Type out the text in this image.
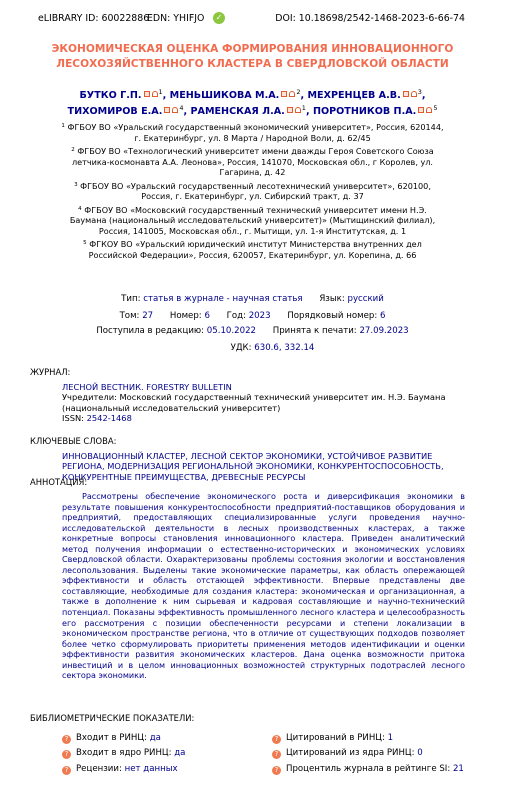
eLIBRARY ID: 60022886
EDN: YHIFJO	✓	DOI: 10.18698/2542-1468-2023-6-66-74
ЭКОНОМИЧЕСКАЯ ОЦЕНКА ФОРМИРОВАНИЯ ИННОВАЦИОННОГО
ЛЕСОХОЗЯЙСТВЕННОГО КЛАСТЕРА В СВЕРДЛОВСКОЙ ОБЛАСТИ
БУТКО Г.П.	$^1$, МЕНЬШИКОВА М.А.	$^2$, МЕХРЕНЦЕВ А.В.	$^3$, ТИХОМИРОВ Е.А.	$^4$, РАМЕНСКАЯ Л.А.	$^1$, ПОРОТНИКОВ П.А.	$^5$
$^1$ ФГБОУ ВО «Уральский государственный экономический университет», Россия, 620144, г. Екатеринбург, ул. 8 Марта / Народной Воли, д. 62/45
$^2$ ФГБОУ ВО «Технологический университет имени дважды Героя Советского Союза летчика-космонавта А.А. Леонова», Россия, 141070, Московская обл., г Королев, ул. Гагарина, д. 42
$^3$ ФГБОУ ВО «Уральский государственный лесотехнический университет», 620100, Россия, г. Екатеринбург, ул. Сибирский тракт, д. 37
$^4$ ФГБОУ ВО «Московский государственный технический университет имени Н.Э. Баумана (национальный исследовательский университет)» (Мытищинский филиал), Россия, 141005, Московская обл., г. Мытищи, ул. 1-я Институтская, д. 1
$^5$ ФГКОУ ВО «Уральский юридический институт Министерства внутренних дел Российской Федерации», Россия, 620057, Екатеринбург, ул. Корепина, д. 66
Тип: статья в журнале - научная статья Язык: русский
Том: 27 Номер: 6 Год: 2023 Порядковый номер: 6
Поступила в редакцию: 05.10.2022 Принята к печати: 27.09.2023
УДК: 630.6, 332.14
ЖУРНАЛ:
ЛЕСНОЙ ВЕСТНИК. FORESTRY BULLETIN
Учредители: Московский государственный технический университет им. Н.Э. Баумана
(национальный исследовательский университет)
ISSN: 2542-1468
КЛЮЧЕВЫЕ СЛОВА:
ИННОВАЦИОННЫЙ КЛАСТЕР, ЛЕСНОЙ СЕКТОР ЭКОНОМИКИ, УСТОЙЧИВОЕ РАЗВИТИЕ РЕГИОНА, МОДЕРНИЗАЦИЯ РЕГИОНАЛЬНОЙ ЭКОНОМИКИ, КОНКУРЕНТОСПОСОБНОСТЬ, КОНКУРЕНТНЫЕ ПРЕИМУЩЕСТВА, ДРЕВЕСНЫЕ РЕСУРСЫ
АННОТАЦИЯ:
Рассмотрены обеспечение экономического роста и диверсификация экономики в результате повышения конкурентоспособности предприятий-поставщиков оборудования и предприятий, предоставляющих специализированные услуги проведения научно-исследовательской деятельности в лесных производственных кластерах, а также конкретные вопросы становления инновационного кластера. Приведен аналитический метод получения информации о естественно-исторических и экономических условиях Свердловской области. Охарактеризованы проблемы состояния экологии и восстановления лесопользования. Выделены такие экономические параметры, как область опережающей эффективности и область отстающей эффективности. Впервые представлены две составляющие, необходимые для создания кластера: экономическая и организационная, а также в дополнение к ним сырьевая и кадровая составляющие и научно-технический потенциал. Показаны эффективность промышленного лесного кластера и целесообразность его рассмотрения с позиции обеспеченности ресурсами и степени локализации в экономическом пространстве региона, что в отличие от существующих подходов позволяет более четко сформулировать приоритеты применения методов идентификации и оценки эффективности развития экономических кластеров. Дана оценка возможности притока инвестиций и в целом инновационных возможностей структурных подотраслей лесного сектора экономики.
БИБЛИОМЕТРИЧЕСКИЕ ПОКАЗАТЕЛИ:
? Входит в РИНЦ: да
? Входит в ядро РИНЦ: да
? Рецензии: нет данных
? Цитирований в РИНЦ: 1
? Цитирований из ядра РИНЦ: 0
? Процентиль журнала в рейтинге SI: 21
